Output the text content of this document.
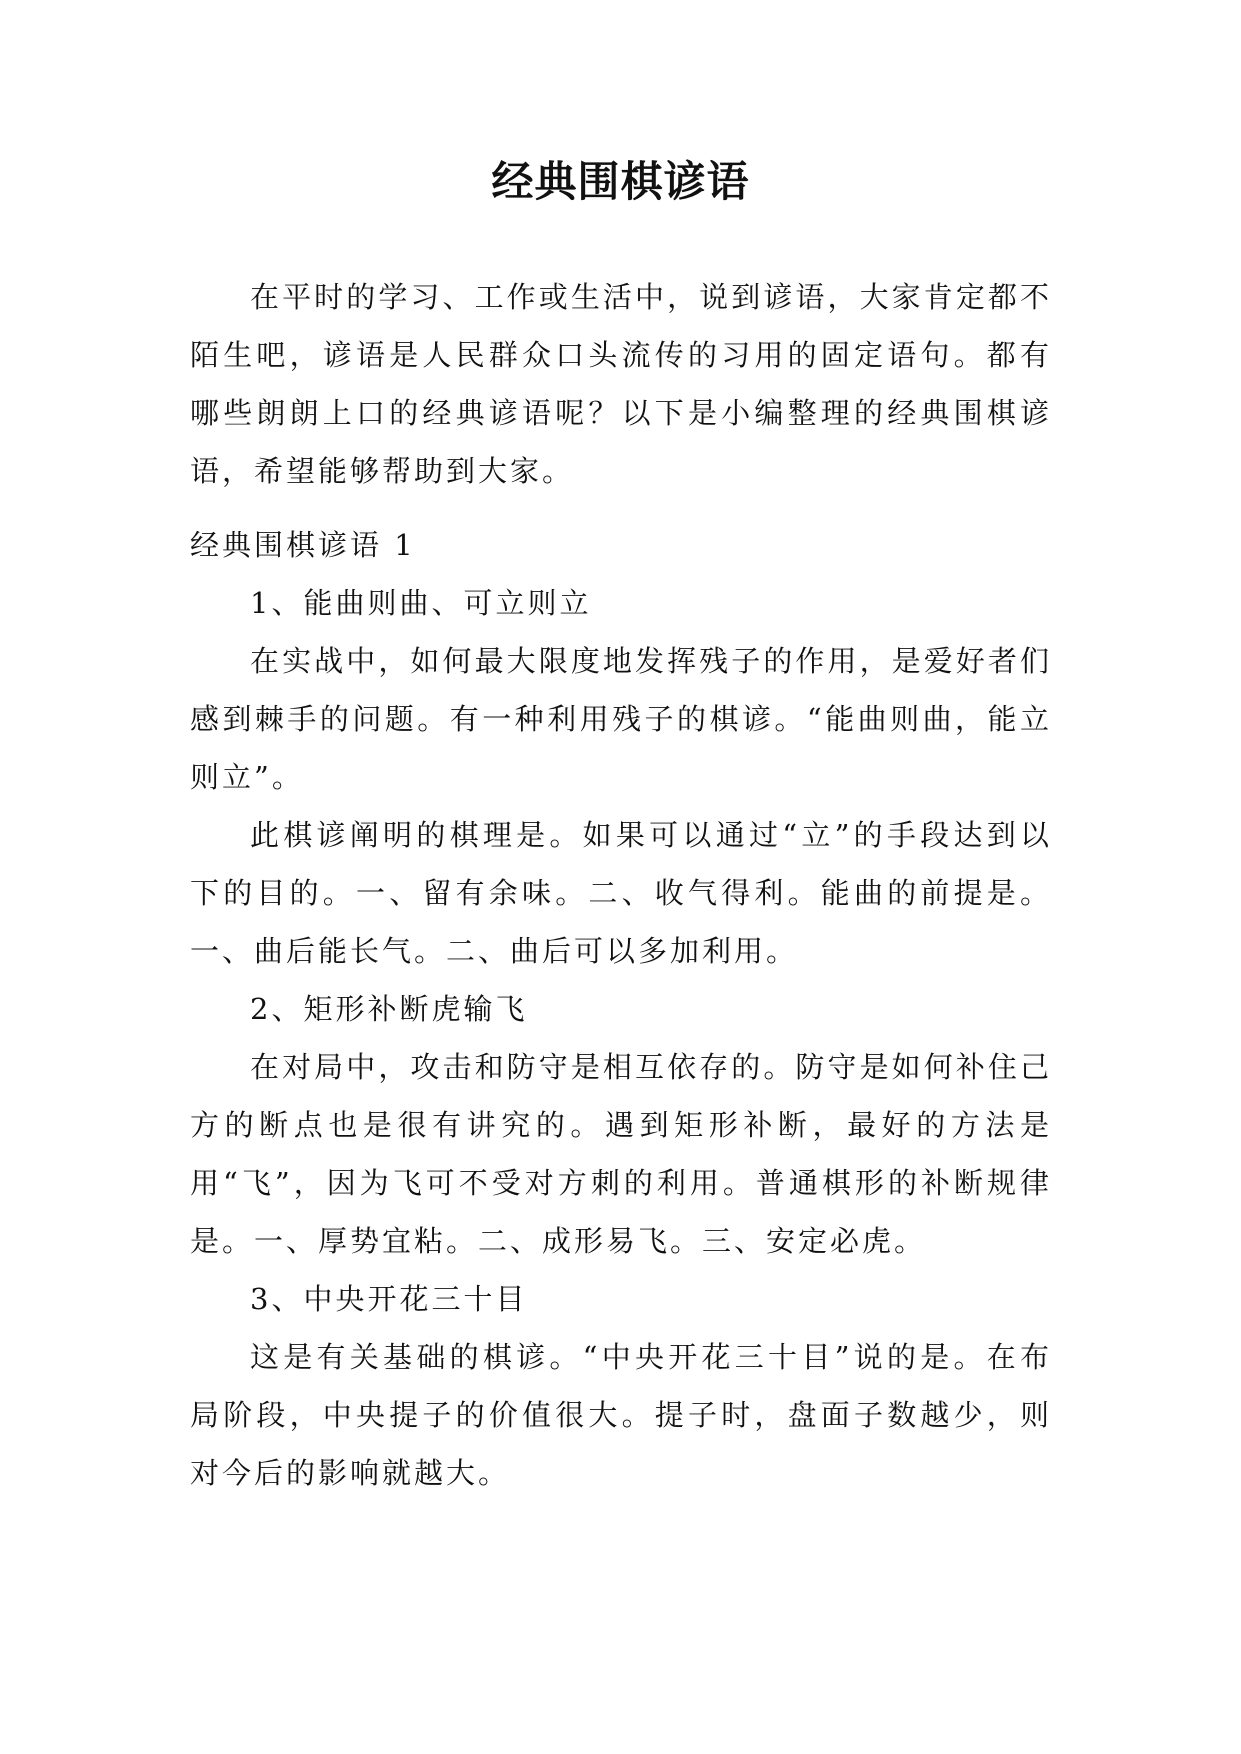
经典围棋谚语

在平时的学习、工作或生活中，说到谚语，大家肯定都不陌生吧，谚语是人民群众口头流传的习用的固定语句。都有哪些朗朗上口的经典谚语呢？以下是小编整理的经典围棋谚语，希望能够帮助到大家。

经典围棋谚语 1

1、能曲则曲、可立则立

在实战中，如何最大限度地发挥残子的作用，是爱好者们感到棘手的问题。有一种利用残子的棋谚。“能曲则曲，能立则立”。

此棋谚阐明的棋理是。如果可以通过“立”的手段达到以下的目的。一、留有余味。二、收气得利。能曲的前提是。一、曲后能长气。二、曲后可以多加利用。

2、矩形补断虎输飞

在对局中，攻击和防守是相互依存的。防守是如何补住己方的断点也是很有讲究的。遇到矩形补断，最好的方法是用“飞”，因为飞可不受对方刺的利用。普通棋形的补断规律是。一、厚势宜粘。二、成形易飞。三、安定必虎。

3、中央开花三十目

这是有关基础的棋谚。“中央开花三十目”说的是。在布局阶段，中央提子的价值很大。提子时，盘面子数越少，则对今后的影响就越大。
